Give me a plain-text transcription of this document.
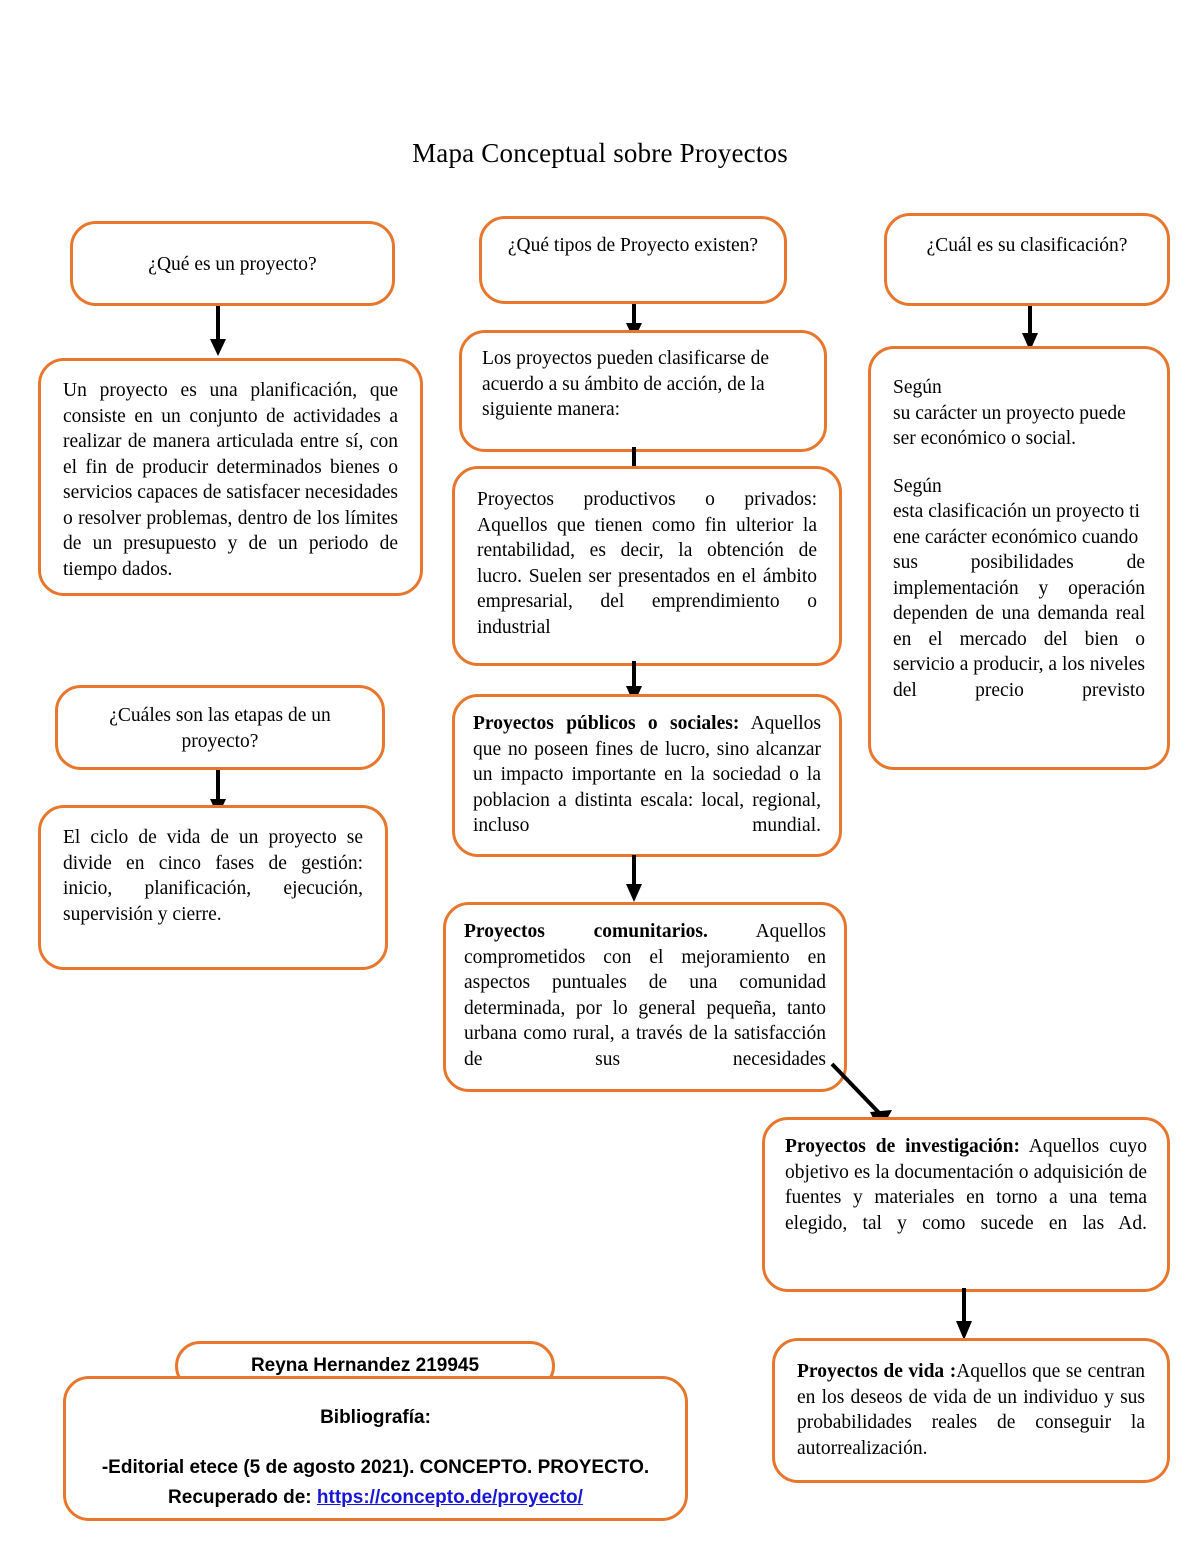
Mapa Conceptual sobre Proyectos
¿Qué es un proyecto?
Un proyecto es una planificación, que consiste en un conjunto de actividades a realizar de manera articulada entre sí, con el fin de producir determinados bienes o servicios capaces de satisfacer necesidades o resolver problemas, dentro de los límites de un presupuesto y de un periodo de tiempo dados.
¿Cuáles son las etapas de un proyecto?
El ciclo de vida de un proyecto se divide en cinco fases de gestión: inicio, planificación, ejecución, supervisión y cierre.
¿Qué tipos de Proyecto existen?
Los proyectos pueden clasificarse de acuerdo a su ámbito de acción, de la siguiente manera:
Proyectos productivos o privados: Aquellos que tienen como fin ulterior la rentabilidad, es decir, la obtención de lucro. Suelen ser presentados en el ámbito empresarial, del emprendimiento o industrial
Proyectos públicos o sociales: Aquellos que no poseen fines de lucro, sino alcanzar un impacto importante en la sociedad o la poblacion a distinta escala: local, regional, incluso mundial.
Proyectos comunitarios. Aquellos comprometidos con el mejoramiento en aspectos puntuales de una comunidad determinada, por lo general pequeña, tanto urbana como rural, a través de la satisfacción de sus necesidades
¿Cuál es su clasificación?

Según

su carácter un proyecto puede ser económico o social.

Según

esta clasificación un proyecto ti ene carácter económico cuando

sus posibilidades de implementación y operación dependen de una demanda real en el mercado del bien o servicio a producir, a los niveles del precio previsto

Proyectos de investigación: Aquellos cuyo objetivo es la documentación o adquisición de fuentes y materiales en torno a una tema elegido, tal y como sucede en las Ad.
Proyectos de vida :Aquellos que se centran en los deseos de vida de un individuo y sus probabilidades reales de conseguir la autorrealización.
Reyna Hernandez 219945
Bibliografía:
-Editorial etece (5 de agosto 2021). CONCEPTO. PROYECTO.
Recuperado de: https://concepto.de/proyecto/
